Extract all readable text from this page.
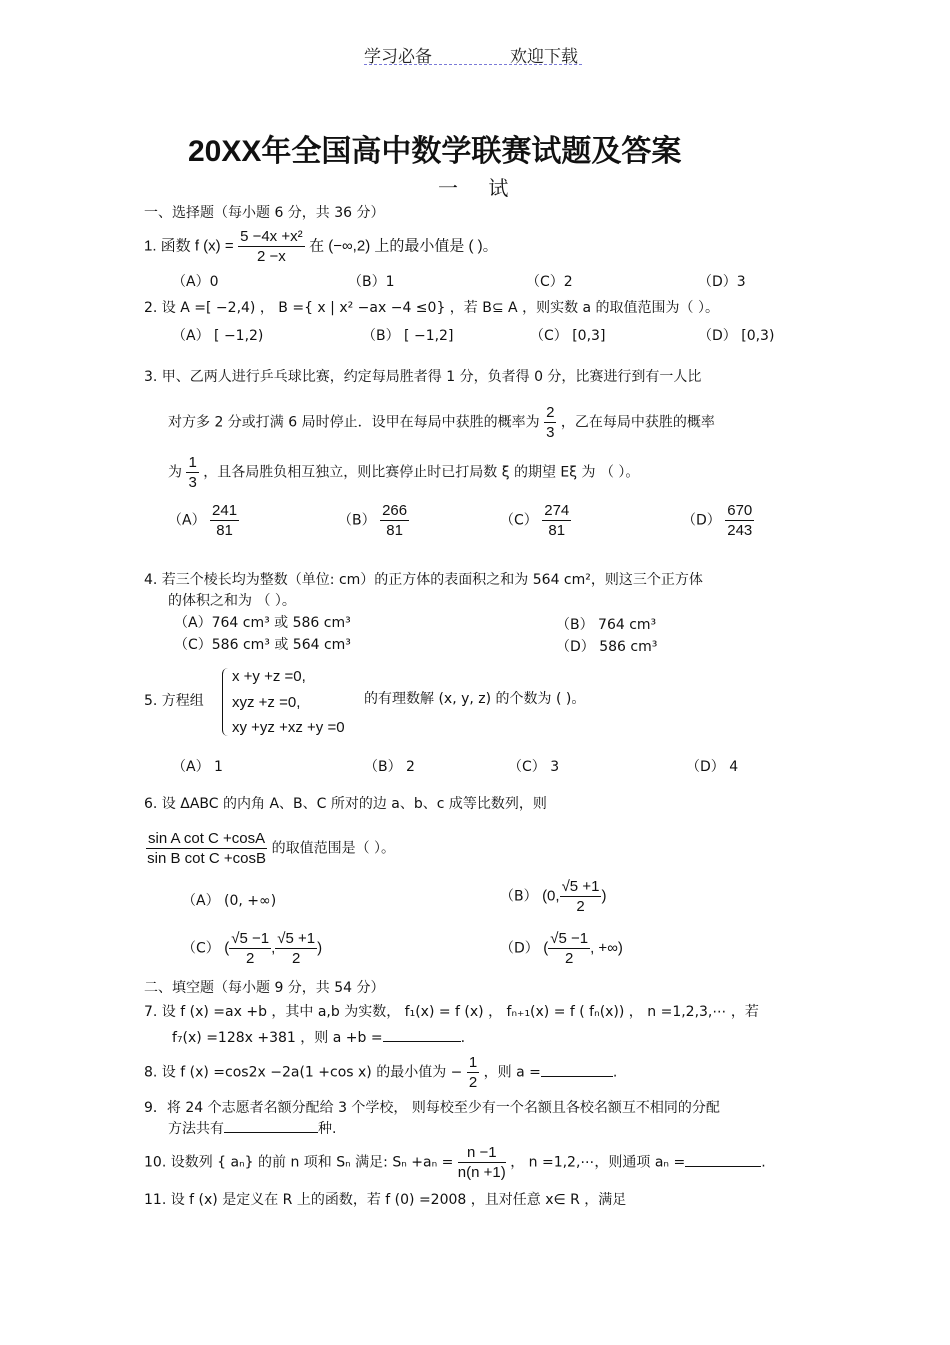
学习必备	欢迎下载
20XX年全国高中数学联赛试题及答案
一 试
一、选择题（每小题 6 分，共 36 分）
1. 函数 f $(x) = \frac{\text{5 −4x +x²}}{2 -x}$ 在 (−∞,2) 上的最小值是 ( )。
（A）0	（B）1	（C）2	（D）3
2. 设 A =[ −2,4) ， B ={ x | x² −ax −4 ≤0} ，若 B⊆ A ，则实数 a 的取值范围为（ ）。
（A） [ −1,2)	（B） [ −1,2]	（C） [0,3]	（D） [0,3)
3. 甲、乙两人进行乒乓球比赛，约定每局胜者得 1 分，负者得 0 分，比赛进行到有一人比
对方多 2 分或打满 6 局时停止．设甲在每局中获胜的概率为 $\frac{2}{3}$ ，乙在每局中获胜的概率
为 $\frac{1}{3}$ ，且各局胜负相互独立，则比赛停止时已打局数 ξ 的期望 Eξ 为 （ ）。
$(A) \frac{241}{81}$	$(B) \frac{266}{81}$	$(C) \frac{274}{81}$	$(D) \frac{670}{243}$
4. 若三个棱长均为整数（单位: cm）的正方体的表面积之和为 564 cm²，则这三个正方体
的体积之和为 （ ）。
（A）764 cm³ 或 586 cm³	（B） 764 cm³
（C）586 cm³ 或 564 cm³	（D） 586 cm³
5. 方程组
x +y +z =0,
xyz +z =0,
xy +yz +xz +y =0
的有理数解 (x, y, z) 的个数为 ( )。
（A） 1	（B） 2	（C） 3	（D） 4
6. 设 ΔABC 的内角 A、B、C 所对的边 a、b、c 成等比数列，则
$\frac{\text{sin A cot C +cosA}}{\text{sin B cot C +cosB}}$ 的取值范围是（ ）。
（A） (0, +∞)	（B） (0, $\frac{√5 +1}{2}$ )
（C） ( $\frac{√5 -1}{2}$ , $\frac{√5 +1}{2}$ )	（D） ( $\frac{√5 -1}{2}$ , +∞)
二、填空题（每小题 9 分，共 54 分）
7. 设 f (x) =ax +b ，其中 a,b 为实数， f₁(x) = f (x) ， fₙ₊₁(x) = f ( fₙ(x)) ， n =1,2,3,⋯ ，若
f₇(x) =128x +381 ，则 a +b =	.
8. 设 f (x) =cos2x −2a(1 +cos x) 的最小值为 − $\frac{1}{2}$ ，则 a =	.
9．将 24 个志愿者名额分配给 3 个学校， 则每校至少有一个名额且各校名额互不相同的分配
方法共有	种.
10. 设数列 { aₙ} 的前 n 项和 Sₙ 满足: $S_n +a_n = \frac{n -1}{n(n +1)}$ ， n =1,2,⋯，则通项 aₙ =	.
11. 设 f (x) 是定义在 R 上的函数，若 f (0) =2008 ，且对任意 x∈ R ，满足
